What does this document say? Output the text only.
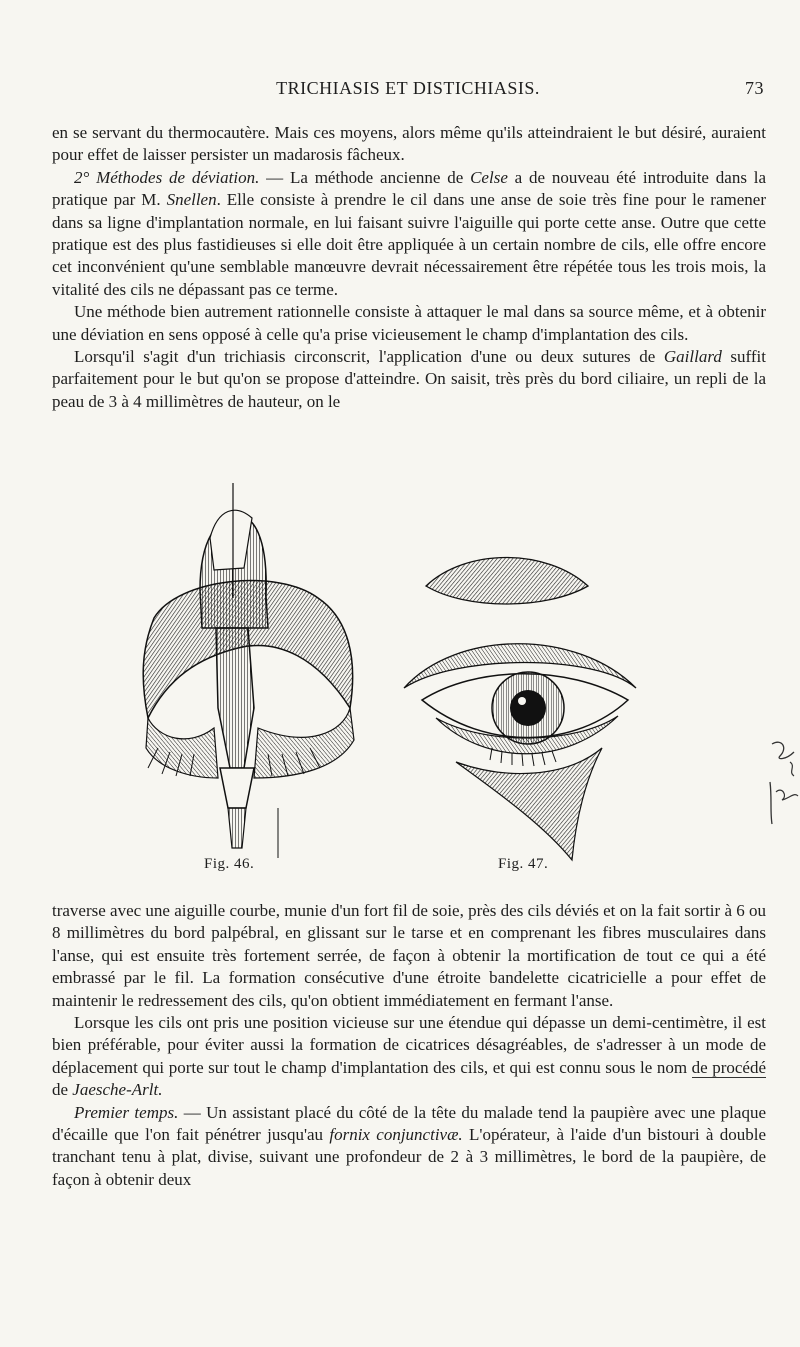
TRICHIASIS ET DISTICHIASIS.	73

en se servant du thermocautère. Mais ces moyens, alors même qu'ils atteindraient le but désiré, auraient pour effet de laisser persister un madarosis fâcheux.

2° Méthodes de déviation. — La méthode ancienne de Celse a de nouveau été introduite dans la pratique par M. Snellen. Elle consiste à prendre le cil dans une anse de soie très fine pour le ramener dans sa ligne d'implantation normale, en lui faisant suivre l'aiguille qui porte cette anse. Outre que cette pratique est des plus fastidieuses si elle doit être appliquée à un certain nombre de cils, elle offre encore cet inconvénient qu'une semblable manœuvre devrait nécessairement être répétée tous les trois mois, la vitalité des cils ne dépassant pas ce terme.

Une méthode bien autrement rationnelle consiste à attaquer le mal dans sa source même, et à obtenir une déviation en sens opposé à celle qu'a prise vicieusement le champ d'implantation des cils.

Lorsqu'il s'agit d'un trichiasis circonscrit, l'application d'une ou deux sutures de Gaillard suffit parfaitement pour le but qu'on se propose d'atteindre. On saisit, très près du bord ciliaire, un repli de la peau de 3 à 4 millimètres de hauteur, on le

Fig. 46.	Fig. 47.

traverse avec une aiguille courbe, munie d'un fort fil de soie, près des cils déviés et on la fait sortir à 6 ou 8 millimètres du bord palpébral, en glissant sur le tarse et en comprenant les fibres musculaires dans l'anse, qui est ensuite très fortement serrée, de façon à obtenir la mortification de tout ce qui a été embrassé par le fil. La formation consécutive d'une étroite bandelette cicatricielle a pour effet de maintenir le redressement des cils, qu'on obtient immédiatement en fermant l'anse.

Lorsque les cils ont pris une position vicieuse sur une étendue qui dépasse un demi-centimètre, il est bien préférable, pour éviter aussi la formation de cicatrices désagréables, de s'adresser à un mode de déplacement qui porte sur tout le champ d'implantation des cils, et qui est connu sous le nom de procédé de Jaesche-Arlt.

Premier temps. — Un assistant placé du côté de la tête du malade tend la paupière avec une plaque d'écaille que l'on fait pénétrer jusqu'au fornix conjunctivæ. L'opérateur, à l'aide d'un bistouri à double tranchant tenu à plat, divise, suivant une profondeur de 2 à 3 millimètres, le bord de la paupière, de façon à obtenir deux
